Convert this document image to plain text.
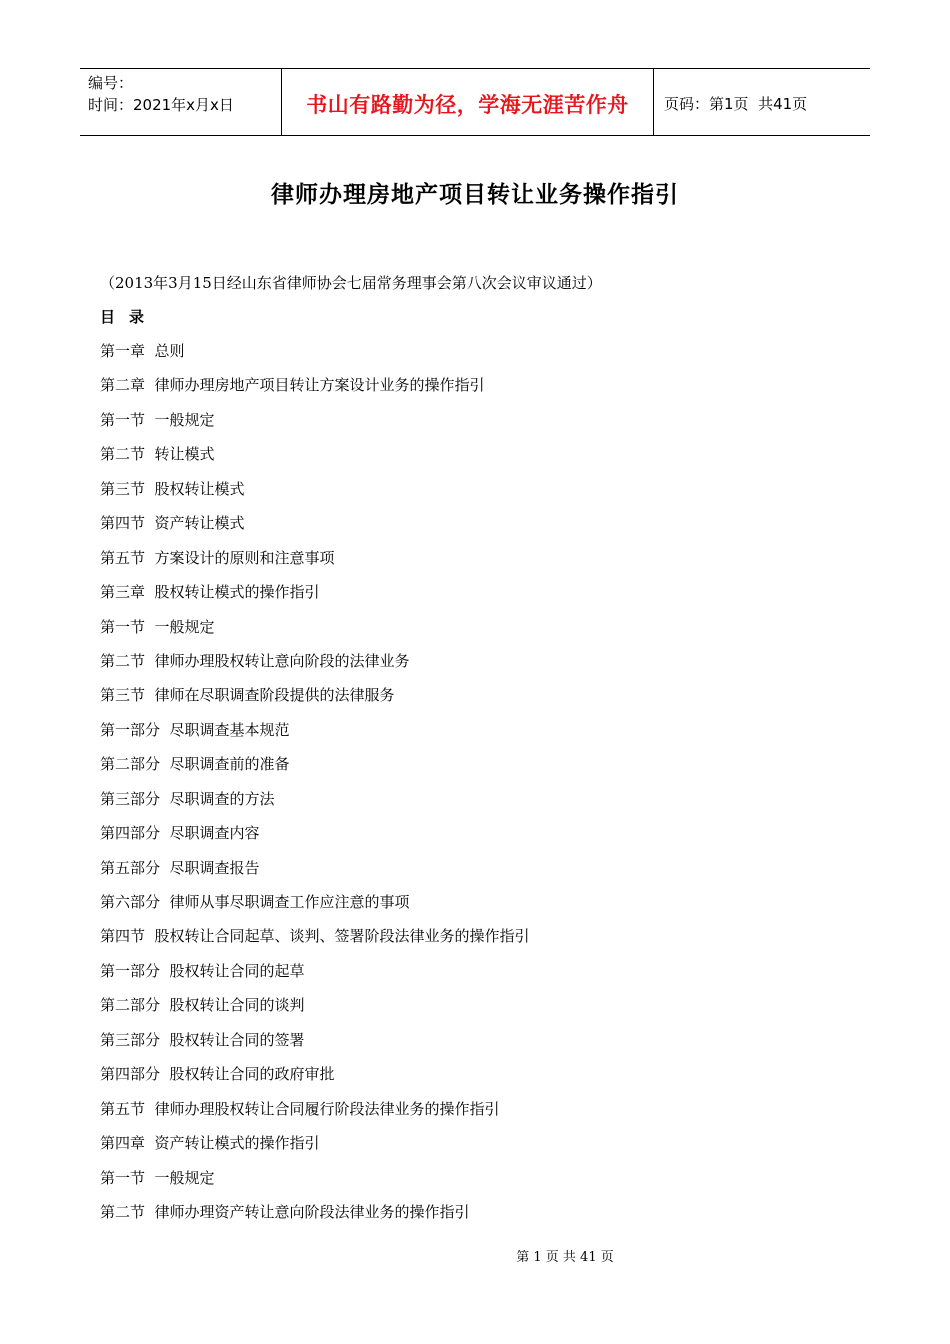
编号：
时间：2021年x月x日	书山有路勤为径，学海无涯苦作舟	页码：第1页  共41页
律师办理房地产项目转让业务操作指引
（2013年3月15日经山东省律师协会七届常务理事会第八次会议审议通过）
目录
第一章  总则
第二章  律师办理房地产项目转让方案设计业务的操作指引
第一节  一般规定
第二节  转让模式
第三节  股权转让模式
第四节  资产转让模式
第五节  方案设计的原则和注意事项
第三章  股权转让模式的操作指引
第一节  一般规定
第二节  律师办理股权转让意向阶段的法律业务
第三节  律师在尽职调查阶段提供的法律服务
第一部分  尽职调查基本规范
第二部分  尽职调查前的准备
第三部分  尽职调查的方法
第四部分  尽职调查内容
第五部分  尽职调查报告
第六部分  律师从事尽职调查工作应注意的事项
第四节  股权转让合同起草、谈判、签署阶段法律业务的操作指引
第一部分  股权转让合同的起草
第二部分  股权转让合同的谈判
第三部分  股权转让合同的签署
第四部分  股权转让合同的政府审批
第五节  律师办理股权转让合同履行阶段法律业务的操作指引
第四章  资产转让模式的操作指引
第一节  一般规定
第二节  律师办理资产转让意向阶段法律业务的操作指引
第 1 页 共 41 页
